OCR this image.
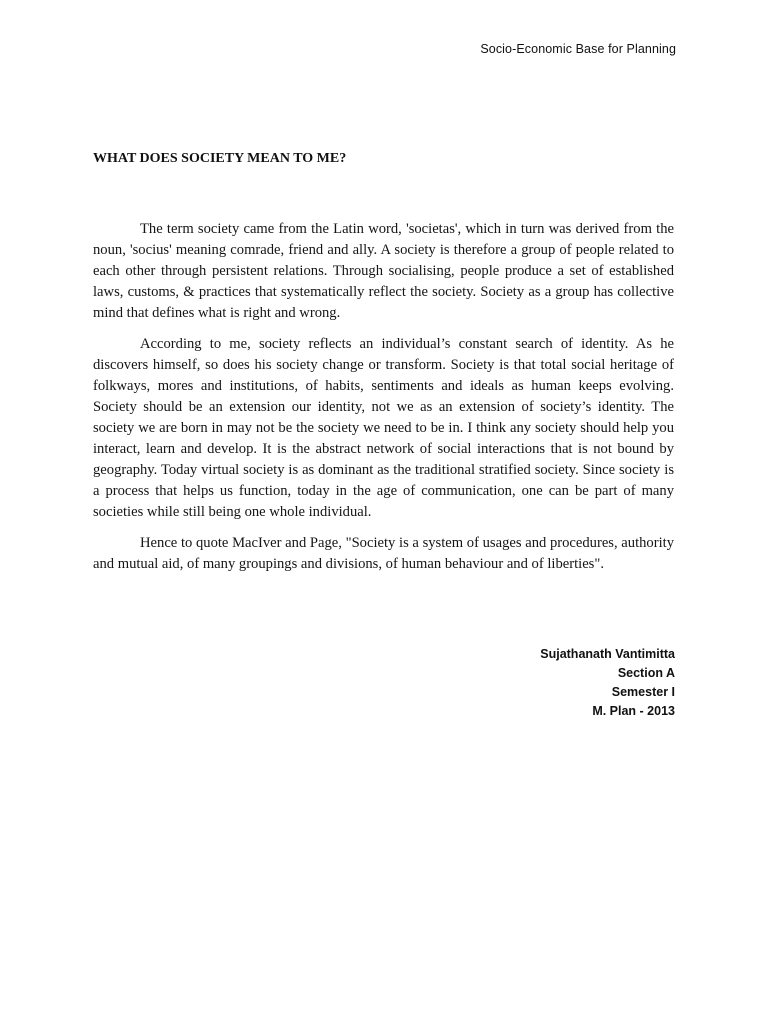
Socio-Economic Base for Planning
WHAT DOES SOCIETY MEAN TO ME?

The term society came from the Latin word, 'societas', which in turn was derived from the noun, 'socius' meaning comrade, friend and ally. A society is therefore a group of people related to each other through persistent relations. Through socialising, people produce a set of established laws, customs, & practices that systematically reflect the society. Society as a group has collective mind that defines what is right and wrong.

According to me, society reflects an individual’s constant search of identity. As he discovers himself, so does his society change or transform. Society is that total social heritage of folkways, mores and institutions, of habits, sentiments and ideals as human keeps evolving. Society should be an extension our identity, not we as an extension of society’s identity. The society we are born in may not be the society we need to be in. I think any society should help you interact, learn and develop. It is the abstract network of social interactions that is not bound by geography. Today virtual society is as dominant as the traditional stratified society. Since society is a process that helps us function, today in the age of communication, one can be part of many societies while still being one whole individual.

Hence to quote MacIver and Page, "Society is a system of usages and procedures, authority and mutual aid, of many groupings and divisions, of human behaviour and of liberties".

Sujathanath Vantimitta
Section A
Semester I
M. Plan - 2013
